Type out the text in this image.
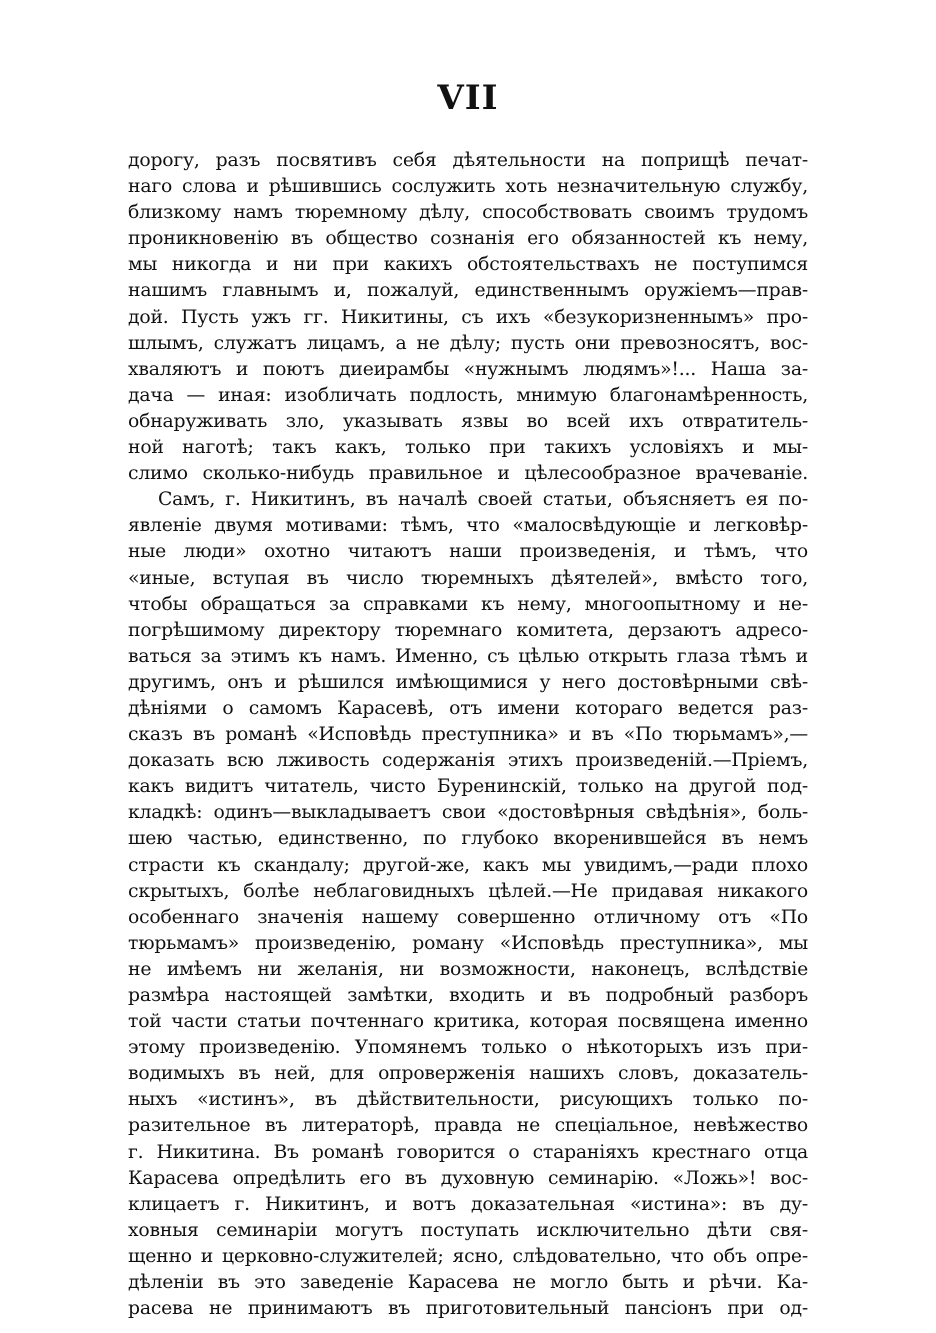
VII
дорогу, разъ посвятивъ себя дѣятельности на поприщѣ печат-
наго слова и рѣшившись сослужить хоть незначительную службу,
близкому намъ тюремному дѣлу, способствовать своимъ трудомъ
проникновенію въ общество сознанія его обязанностей къ нему,
мы никогда и ни при какихъ обстоятельствахъ не поступимся
нашимъ главнымъ и, пожалуй, единственнымъ оружіемъ—прав-
дой. Пусть ужъ гг. Никитины, съ ихъ «безукоризненнымъ» про-
шлымъ, служатъ лицамъ, а не дѣлу; пусть они превозносятъ, вос-
хваляютъ и поютъ диеирамбы «нужнымъ людямъ»!... Наша за-
дача — иная: изобличать подлость, мнимую благонамѣренность,
обнаруживать зло, указывать язвы во всей ихъ отвратитель-
ной наготѣ; такъ какъ, только при такихъ условіяхъ и мы-
слимо сколько-нибудь правильное и цѣлесообразное врачеваніе.
Самъ, г. Никитинъ, въ началѣ своей статьи, объясняетъ ея по-
явленіе двумя мотивами: тѣмъ, что «малосвѣдующіе и легковѣр-
ные люди» охотно читаютъ наши произведенія, и тѣмъ, что
«иные, вступая въ число тюремныхъ дѣятелей», вмѣсто того,
чтобы обращаться за справками къ нему, многоопытному и не-
погрѣшимому директору тюремнаго комитета, дерзаютъ адресо-
ваться за этимъ къ намъ. Именно, съ цѣлью открыть глаза тѣмъ и
другимъ, онъ и рѣшился имѣющимися у него достовѣрными свѣ-
дѣніями о самомъ Карасевѣ, отъ имени котораго ведется раз-
сказъ въ романѣ «Исповѣдь преступника» и въ «По тюрьмамъ»,—
доказать всю лживость содержанія этихъ произведеній.—Пріемъ,
какъ видитъ читатель, чисто Буренинскій, только на другой под-
кладкѣ: одинъ—выкладываетъ свои «достовѣрныя свѣдѣнія», боль-
шею частью, единственно, по глубоко вкоренившейся въ немъ
страсти къ скандалу; другой-же, какъ мы увидимъ,—ради плохо
скрытыхъ, болѣе неблаговидныхъ цѣлей.—Не придавая никакого
особеннаго значенія нашему совершенно отличному отъ «По
тюрьмамъ» произведенію, роману «Исповѣдь преступника», мы
не имѣемъ ни желанія, ни возможности, наконецъ, вслѣдствіе
размѣра настоящей замѣтки, входить и въ подробный разборъ
той части статьи почтеннаго критика, которая посвящена именно
этому произведенію. Упомянемъ только о нѣкоторыхъ изъ при-
водимыхъ въ ней, для опроверженія нашихъ словъ, доказатель-
ныхъ «истинъ», въ дѣйствительности, рисующихъ только по-
разительное въ литераторѣ, правда не спеціальное, невѣжество
г. Никитина. Въ романѣ говорится о стараніяхъ крестнаго отца
Карасева опредѣлить его въ духовную семинарію. «Ложь»! вос-
клицаетъ г. Никитинъ, и вотъ доказательная «истина»: въ ду-
ховныя семинаріи могутъ поступать исключительно дѣти свя-
щенно и церковно-служителей; ясно, слѣдовательно, что объ опре-
дѣленіи въ это заведеніе Карасева не могло быть и рѣчи. Ка-
расева не принимаютъ въ приготовительный пансіонъ при од-
